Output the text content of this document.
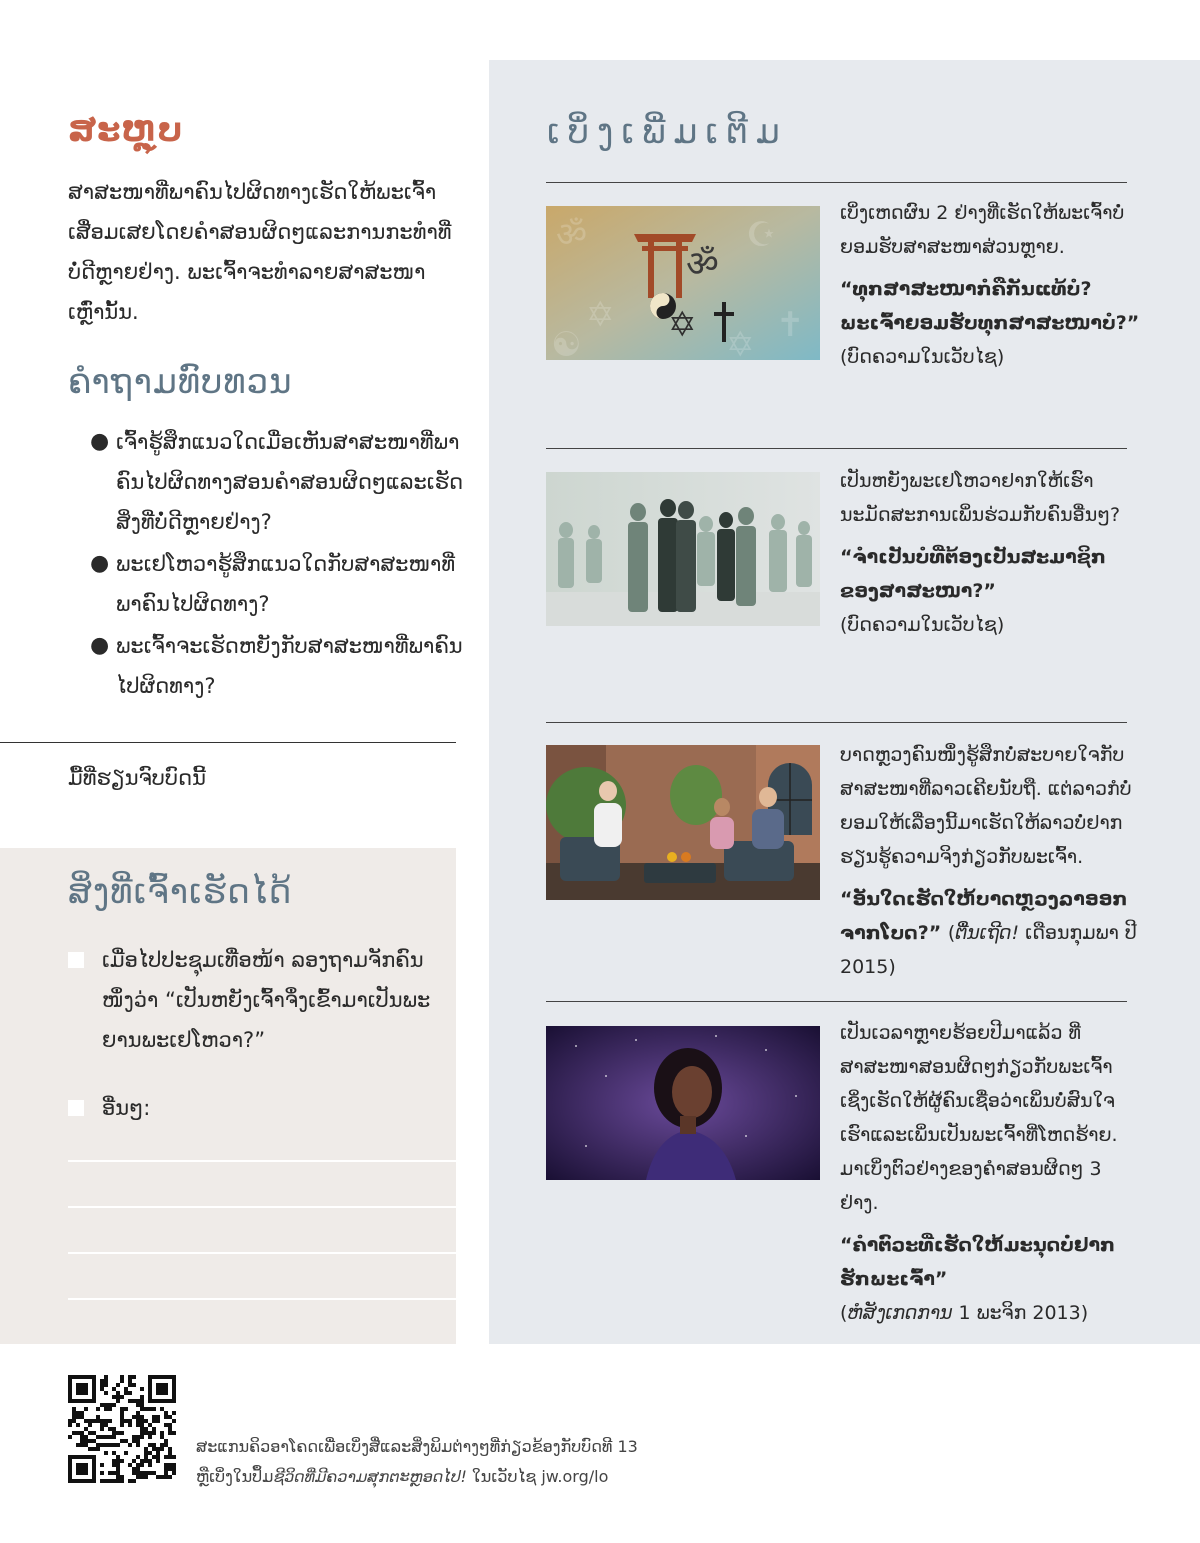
ສະຫຼຸບ

ສາສະໜາທີ່ພາຄົນໄປຜິດທາງເຮັດໃຫ້ພະເຈົ້າເສື່ອມເສຍໂດຍຄຳສອນຜິດໆແລະການກະທຳທີ່ບໍ່ດີຫຼາຍຢ່າງ. ພະເຈົ້າຈະທຳລາຍສາສະໜາເຫຼົ່ານັ້ນ.

ຄຳຖາມທົບທວນ
● ເຈົ້າຮູ້ສຶກແນວໃດເມື່ອເຫັນສາສະໜາທີ່ພາຄົນໄປຜິດທາງສອນຄຳສອນຜິດໆແລະເຮັດສິ່ງທີ່ບໍ່ດີຫຼາຍຢ່າງ?
● ພະເຢໂຫວາຮູ້ສຶກແນວໃດກັບສາສະໜາທີ່ພາຄົນໄປຜິດທາງ?
● ພະເຈົ້າຈະເຮັດຫຍັງກັບສາສະໜາທີ່ພາຄົນໄປຜິດທາງ?
ມື້ທີ່ຮຽນຈົບບົດນີ້
ສິ່ງທີ່ເຈົ້າເຮັດໄດ້
ເມື່ອໄປປະຊຸມເທື່ອໜ້າ ລອງຖາມຈັກຄົນໜຶ່ງວ່າ “ເປັນຫຍັງເຈົ້າຈຶ່ງເຂົ້າມາເປັນພະຍານພະເຢໂຫວາ?”
ອື່ນໆ:
ເບິ່ງເພີ່ມເຕີມ
ॐ
✡
☪
✝
☯	✡
ॐ
✡
ເບິ່ງເຫດຜົນ 2 ຢ່າງທີ່ເຮັດໃຫ້ພະເຈົ້າບໍ່ຍອມຮັບສາສະໜາສ່ວນຫຼາຍ.
“ທຸກສາສະໜາກໍຄືກັນແທ້ບໍ? ພະເຈົ້າຍອມຮັບທຸກສາສະໜາບໍ?”
(ບົດຄວາມໃນເວັບໄຊ)
ເປັນຫຍັງພະເຢໂຫວາຢາກໃຫ້ເຮົານະມັດສະການເພິ່ນຮ່ວມກັບຄົນອື່ນໆ?
“ຈຳເປັນບໍທີ່ຕ້ອງເປັນສະມາຊິກຂອງສາສະໜາ?”
(ບົດຄວາມໃນເວັບໄຊ)
ບາດຫຼວງຄົນໜຶ່ງຮູ້ສຶກບໍ່ສະບາຍໃຈກັບສາສະໜາທີ່ລາວເຄີຍນັບຖື. ແຕ່ລາວກໍບໍ່ຍອມໃຫ້ເລື່ອງນີ້ມາເຮັດໃຫ້ລາວບໍ່ຢາກຮຽນຮູ້ຄວາມຈິງກ່ຽວກັບພະເຈົ້າ.
“ອັນໃດເຮັດໃຫ້ບາດຫຼວງລາອອກຈາກໂບດ?” (ຕື່ນເຖີດ! ເດືອນກຸມພາ ປີ 2015)
ເປັນເວລາຫຼາຍຮ້ອຍປີມາແລ້ວ ທີ່ສາສະໜາສອນຜິດໆກ່ຽວກັບພະເຈົ້າເຊິ່ງເຮັດໃຫ້ຜູ້ຄົນເຊື່ອວ່າເພິ່ນບໍ່ສົນໃຈເຮົາແລະເພິ່ນເປັນພະເຈົ້າທີ່ໂຫດຮ້າຍ. ມາເບິ່ງຕົວຢ່າງຂອງຄຳສອນຜິດໆ 3 ຢ່າງ.
“ຄຳຕົວະທີ່ເຮັດໃຫ້ມະນຸດບໍ່ຢາກຮັກພະເຈົ້າ”
(ຫໍສັງເກດການ 1 ພະຈິກ 2013)
ສະແກນຄິວອາໂຄດເພື່ອເບິ່ງສື່ແລະສິ່ງພິມຕ່າງໆທີ່ກ່ຽວຂ້ອງກັບບົດທີ 13
ຫຼືເບິ່ງໃນປຶ້ມຊີວິດທີ່ມີຄວາມສຸກຕະຫຼອດໄປ! ໃນເວັບໄຊ jw.org/lo
